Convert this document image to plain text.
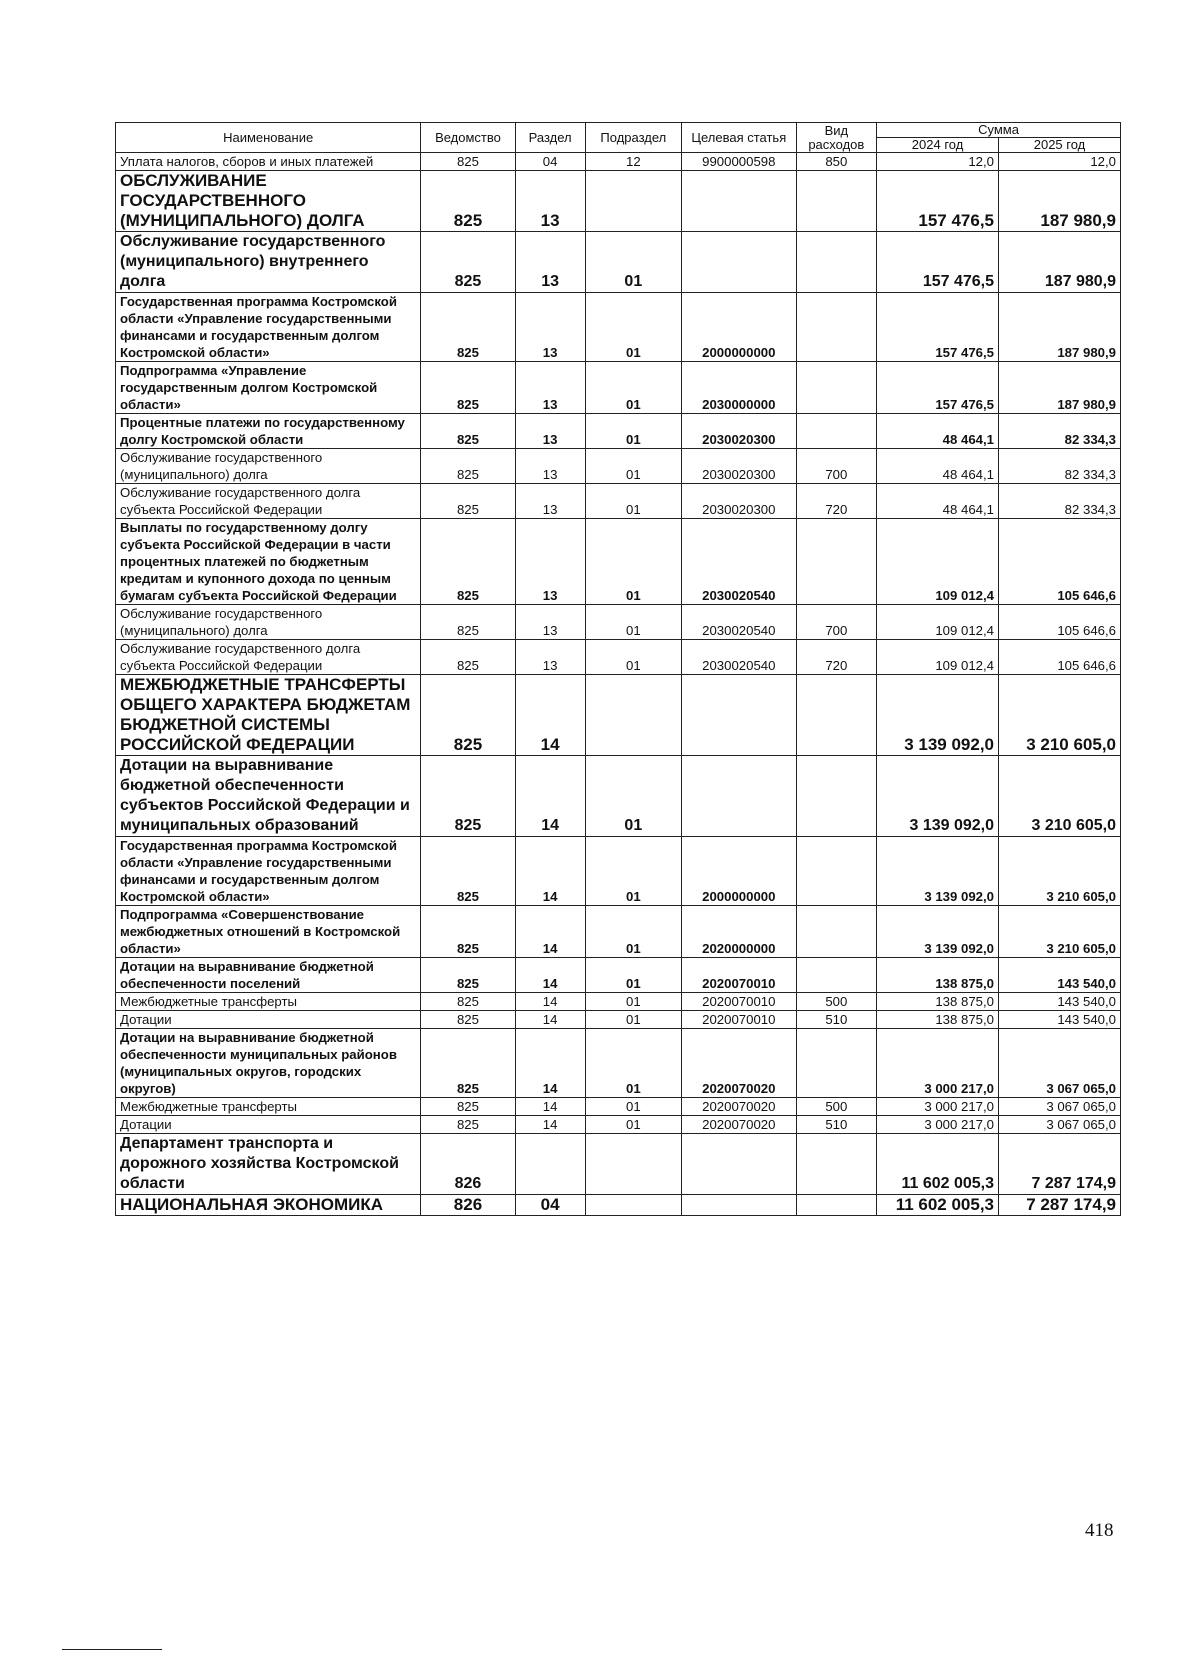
Наименование	Ведомство	Раздел	Подраздел	Целевая статья	Вид расходов	Сумма	
						2024 год	2025 год
Уплата налогов, сборов и иных платежей	825	04	12	9900000598	850	12,0	12,0
ОБСЛУЖИВАНИЕ ГОСУДАРСТВЕННОГО (МУНИЦИПАЛЬНОГО) ДОЛГА	825	13				157 476,5	187 980,9
Обслуживание государственного (муниципального) внутреннего долга	825	13	01			157 476,5	187 980,9
Государственная программа Костромской области «Управление государственными финансами и государственным долгом Костромской области»	825	13	01	2000000000		157 476,5	187 980,9
Подпрограмма «Управление государственным долгом Костромской области»	825	13	01	2030000000		157 476,5	187 980,9
Процентные платежи по государственному долгу Костромской области	825	13	01	2030020300		48 464,1	82 334,3
Обслуживание государственного (муниципального) долга	825	13	01	2030020300	700	48 464,1	82 334,3
Обслуживание государственного долга субъекта Российской Федерации	825	13	01	2030020300	720	48 464,1	82 334,3
Выплаты по государственному долгу субъекта Российской Федерации в части процентных платежей по бюджетным кредитам и купонного дохода по ценным бумагам субъекта Российской Федерации	825	13	01	2030020540		109 012,4	105 646,6
Обслуживание государственного (муниципального) долга	825	13	01	2030020540	700	109 012,4	105 646,6
Обслуживание государственного долга субъекта Российской Федерации	825	13	01	2030020540	720	109 012,4	105 646,6
МЕЖБЮДЖЕТНЫЕ ТРАНСФЕРТЫ ОБЩЕГО ХАРАКТЕРА БЮДЖЕТАМ БЮДЖЕТНОЙ СИСТЕМЫ РОССИЙСКОЙ ФЕДЕРАЦИИ	825	14				3 139 092,0	3 210 605,0
Дотации на выравнивание бюджетной обеспеченности субъектов Российской Федерации и муниципальных образований	825	14	01			3 139 092,0	3 210 605,0
Государственная программа Костромской области «Управление государственными финансами и государственным долгом Костромской области»	825	14	01	2000000000		3 139 092,0	3 210 605,0
Подпрограмма «Совершенствование межбюджетных отношений в Костромской области»	825	14	01	2020000000		3 139 092,0	3 210 605,0
Дотации на выравнивание бюджетной обеспеченности поселений	825	14	01	2020070010		138 875,0	143 540,0
Межбюджетные трансферты	825	14	01	2020070010	500	138 875,0	143 540,0
Дотации	825	14	01	2020070010	510	138 875,0	143 540,0
Дотации на выравнивание бюджетной обеспеченности муниципальных районов (муниципальных округов, городских округов)	825	14	01	2020070020		3 000 217,0	3 067 065,0
Межбюджетные трансферты	825	14	01	2020070020	500	3 000 217,0	3 067 065,0
Дотации	825	14	01	2020070020	510	3 000 217,0	3 067 065,0
Департамент транспорта и дорожного хозяйства Костромской области	826					11 602 005,3	7 287 174,9
НАЦИОНАЛЬНАЯ ЭКОНОМИКА	826	04				11 602 005,3	7 287 174,9
418
